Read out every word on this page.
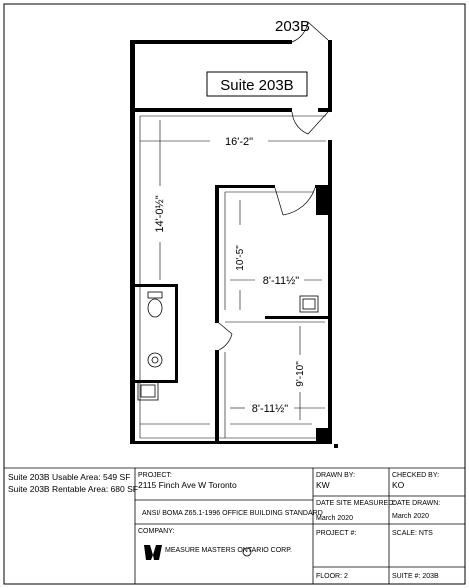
203B
Suite 203B
16'-2"
14'-0½"
10'-5"
8'-11½"
9'-10"
8'-11½"
Suite 203B Usable Area: 549 SF
Suite 203B Rentable Area: 680 SF
PROJECT:
2115 Finch Ave W Toronto
ANSI/ BOMA Z65.1-1996 OFFICE BUILDING STANDARD
COMPANY:
MEASURE MASTERS ONTARIO CORP.
DRAWN BY:
KW
CHECKED BY:
KO
DATE SITE MEASURED:
March 2020
DATE DRAWN:
March 2020
PROJECT #:	SCALE: NTS
FLOOR: 2	SUITE #: 203B
